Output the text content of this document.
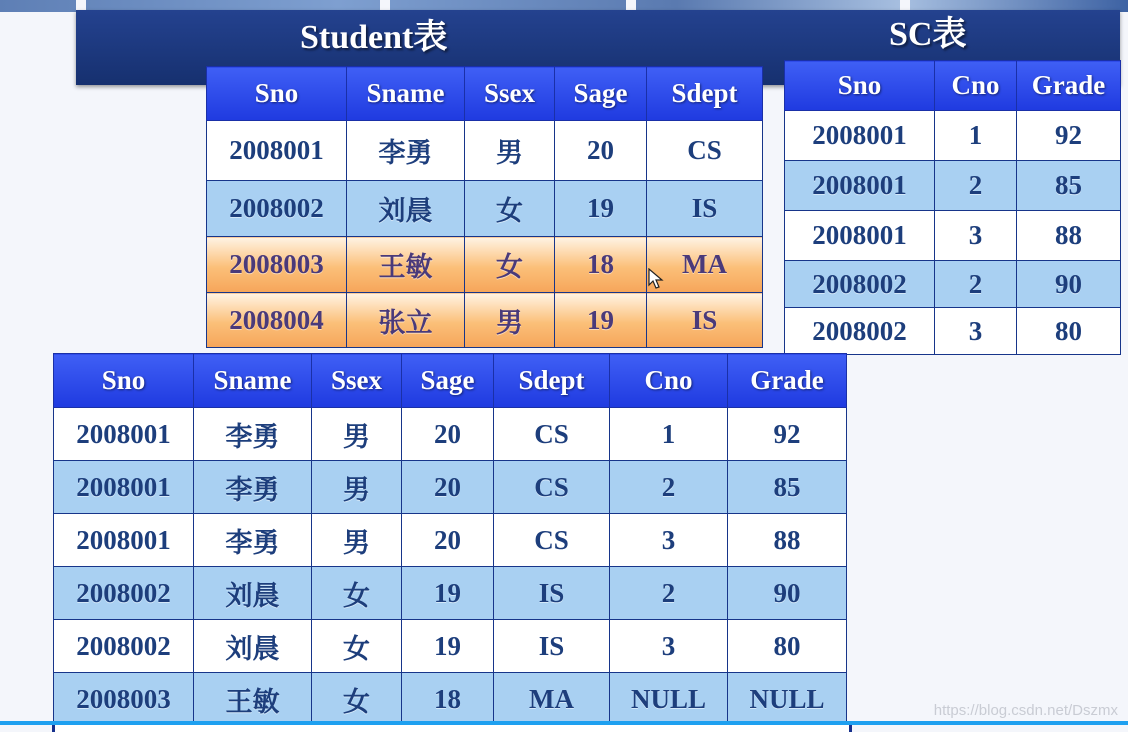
Student表	SC表
Sno	Sname	Ssex	Sage	Sdept
2008001	李勇	男	20	CS
2008002	刘晨	女	19	IS
2008003	王敏	女	18	MA
2008004	张立	男	19	IS
Sno	Cno	Grade
2008001	1	92
2008001	2	85
2008001	3	88
2008002	2	90
2008002	3	80
Sno	Sname	Ssex	Sage	Sdept	Cno	Grade
2008001	李勇	男	20	CS	1	92
2008001	李勇	男	20	CS	2	85
2008001	李勇	男	20	CS	3	88
2008002	刘晨	女	19	IS	2	90
2008002	刘晨	女	19	IS	3	80
2008003	王敏	女	18	MA	NULL	NULL	https://blog.csdn.net/Dszmx
